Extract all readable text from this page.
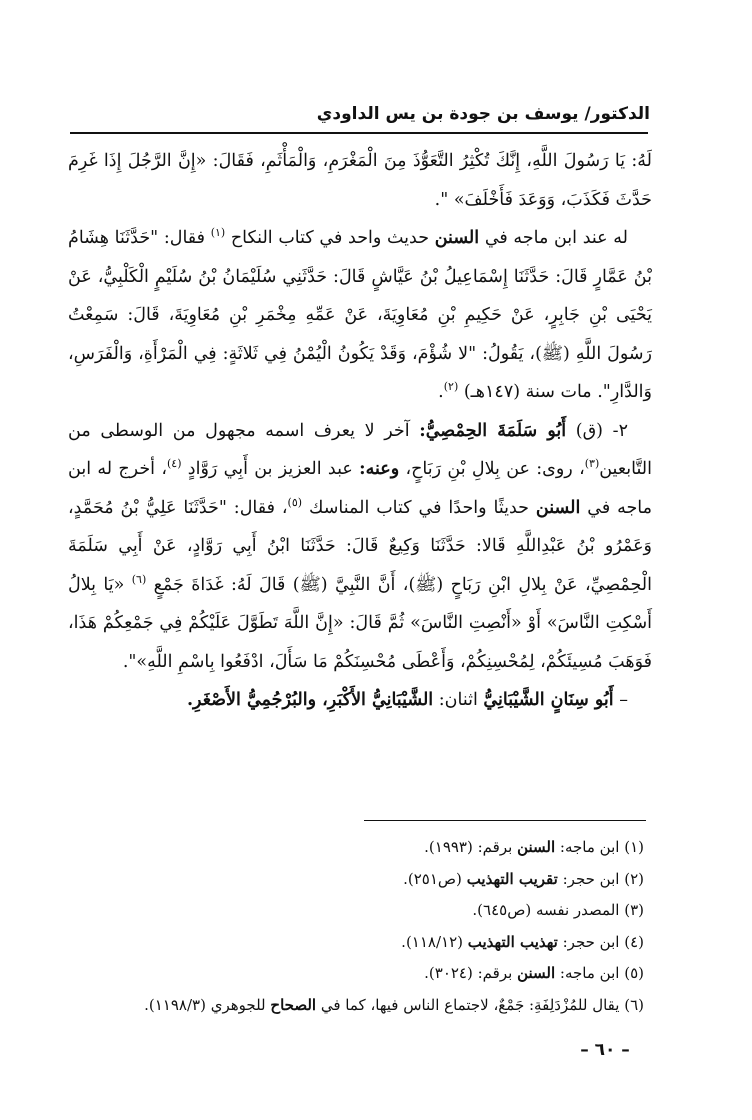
الدكتور/ يوسف بن جودة بن يس الداودي

لَهُ: يَا رَسُولَ اللَّهِ، إِنَّكَ تُكْثِرُ التَّعَوُّذَ مِنَ الْمَغْرَمِ، وَالْمَأْثَمِ، فَقَالَ: «إِنَّ الرَّجُلَ إِذَا غَرِمَ حَدَّثَ فَكَذَبَ، وَوَعَدَ فَأَخْلَفَ» ".

له عند ابن ماجه في السنن حديث واحد في كتاب النكاح $^{(١)}$ فقال: "حَدَّثَنَا هِشَامُ بْنُ عَمَّارٍ قَالَ: حَدَّثَنَا إِسْمَاعِيلُ بْنُ عَيَّاشٍ قَالَ: حَدَّثَنِي سُلَيْمَانُ بْنُ سُلَيْمٍ الْكَلْبِيُّ، عَنْ يَحْيَى بْنِ جَابِرٍ، عَنْ حَكِيمِ بْنِ مُعَاوِيَةَ، عَنْ عَمِّهِ مِخْمَرِ بْنِ مُعَاوِيَةَ، قَالَ: سَمِعْتُ رَسُولَ اللَّهِ (ﷺ)، يَقُولُ: "لا شُؤْمَ، وَقَدْ يَكُونُ الْيُمْنُ فِي ثَلاثَةٍ: فِي الْمَرْأَةِ، وَالْفَرَسِ، وَالدَّارِ". مات سنة (١٤٧هـ) $^{(٢)}$.

٢- (ق) أَبُو سَلَمَةَ الحِمْصِيُّ: آخر لا يعرف اسمه مجهول من الوسطى من التَّابعين$^{(٣)}$، روى: عن بِلالِ بْنِ رَبَاحٍ، وعنه: عبد العزيز بن أَبِي رَوَّادٍ $^{(٤)}$، أخرج له ابن ماجه في السنن حديثًا واحدًا في كتاب المناسك $^{(٥)}$، فقال: "حَدَّثَنَا عَلِيُّ بْنُ مُحَمَّدٍ، وَعَمْرُو بْنُ عَبْدِاللَّهِ قَالا: حَدَّثَنَا وَكِيعٌ قَالَ: حَدَّثَنَا ابْنُ أَبِي رَوَّادٍ، عَنْ أَبِي سَلَمَةَ الْحِمْصِيِّ، عَنْ بِلالِ ابْنِ رَبَاحٍ (ﷺ)، أَنَّ النَّبِيَّ (ﷺ) قَالَ لَهُ: غَدَاةَ جَمْعٍ $^{(٦)}$ «يَا بِلالُ أَسْكِتِ النَّاسَ» أَوْ «أَنْصِتِ النَّاسَ» ثُمَّ قَالَ: «إِنَّ اللَّهَ تَطَوَّلَ عَلَيْكُمْ فِي جَمْعِكُمْ هَذَا، فَوَهَبَ مُسِيئَكُمْ، لِمُحْسِنِكُمْ، وَأَعْطَى مُحْسِنَكُمْ مَا سَأَلَ، ادْفَعُوا بِاسْمِ اللَّهِ»".

– أَبُو سِنَانٍ الشَّيْبَانِيُّ اثنان: الشَّيْبَانِيُّ الأَكْبَرِ، والبُرْجُمِيُّ الأَصْغَرِ.

(١) ابن ماجه: السنن برقم: (١٩٩٣).

(٢) ابن حجر: تقريب التهذيب (ص٢٥١).

(٣) المصدر نفسه (ص٦٤٥).

(٤) ابن حجر: تهذيب التهذيب (١١٨/١٢).

(٥) ابن ماجه: السنن برقم: (٣٠٢٤).

(٦) يقال للمُزْدَلِفَةِ: جَمْعٌ، لاجتماع الناس فيها، كما في الصحاح للجوهري (١١٩٨/٣).

– ٦٠ –
